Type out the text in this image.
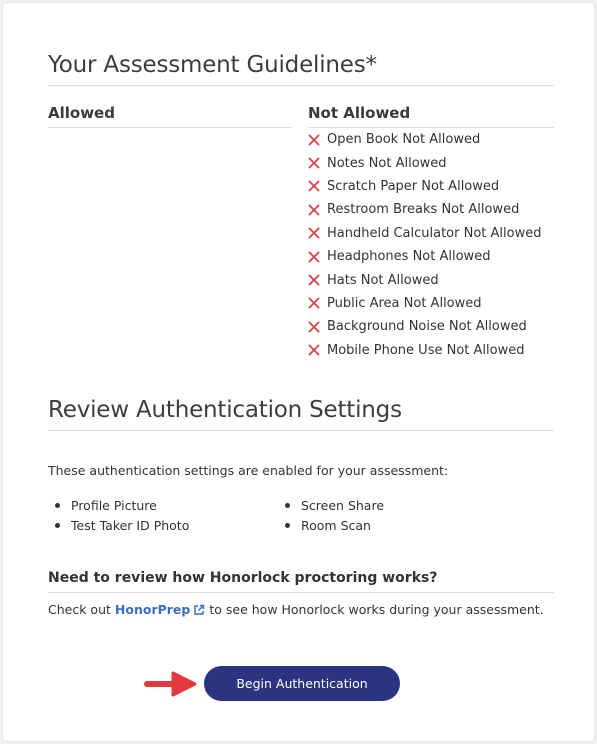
Your Assessment Guidelines*
Allowed	Not Allowed
Open Book Not Allowed
Notes Not Allowed
Scratch Paper Not Allowed
Restroom Breaks Not Allowed
Handheld Calculator Not Allowed
Headphones Not Allowed
Hats Not Allowed
Public Area Not Allowed
Background Noise Not Allowed
Mobile Phone Use Not Allowed
Review Authentication Settings

These authentication settings are enabled for your assessment:

Profile Picture
Test Taker ID Photo
Screen Share
Room Scan
Need to review how Honorlock proctoring works?
Check out HonorPrep to see how Honorlock works during your assessment.
Begin Authentication
